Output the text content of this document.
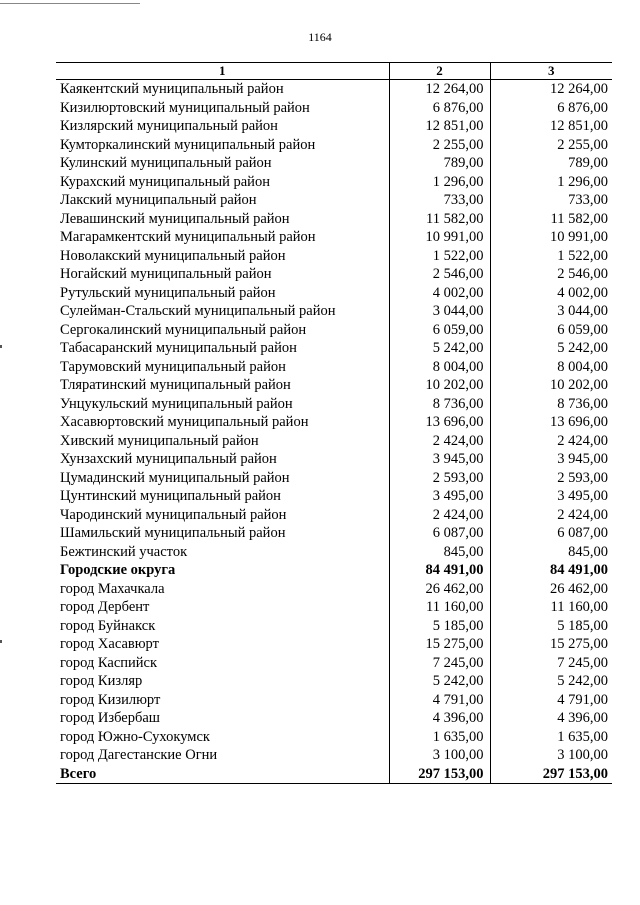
1164
1	2	3
Каякентский муниципальный район	12 264,00	12 264,00
Кизилюртовский муниципальный район	6 876,00	6 876,00
Кизлярский муниципальный район	12 851,00	12 851,00
Кумторкалинский муниципальный район	2 255,00	2 255,00
Кулинский муниципальный район	789,00	789,00
Курахский муниципальный район	1 296,00	1 296,00
Лакский муниципальный район	733,00	733,00
Левашинский муниципальный район	11 582,00	11 582,00
Магарамкентский муниципальный район	10 991,00	10 991,00
Новолакский муниципальный район	1 522,00	1 522,00
Ногайский муниципальный район	2 546,00	2 546,00
Рутульский муниципальный район	4 002,00	4 002,00
Сулейман-Стальский муниципальный район	3 044,00	3 044,00
Сергокалинский муниципальный район	6 059,00	6 059,00
Табасаранский муниципальный район	5 242,00	5 242,00
Тарумовский муниципальный район	8 004,00	8 004,00
Тляратинский муниципальный район	10 202,00	10 202,00
Унцукульский муниципальный район	8 736,00	8 736,00
Хасавюртовский муниципальный район	13 696,00	13 696,00
Хивский муниципальный район	2 424,00	2 424,00
Хунзахский муниципальный район	3 945,00	3 945,00
Цумадинский муниципальный район	2 593,00	2 593,00
Цунтинский муниципальный район	3 495,00	3 495,00
Чародинский муниципальный район	2 424,00	2 424,00
Шамильский муниципальный район	6 087,00	6 087,00
Бежтинский участок	845,00	845,00
Городские округа	84 491,00	84 491,00
город Махачкала	26 462,00	26 462,00
город Дербент	11 160,00	11 160,00
город Буйнакск	5 185,00	5 185,00
город Хасавюрт	15 275,00	15 275,00
город Каспийск	7 245,00	7 245,00
город Кизляр	5 242,00	5 242,00
город Кизилюрт	4 791,00	4 791,00
город Избербаш	4 396,00	4 396,00
город Южно-Сухокумск	1 635,00	1 635,00
город Дагестанские Огни	3 100,00	3 100,00
Всего	297 153,00	297 153,00
